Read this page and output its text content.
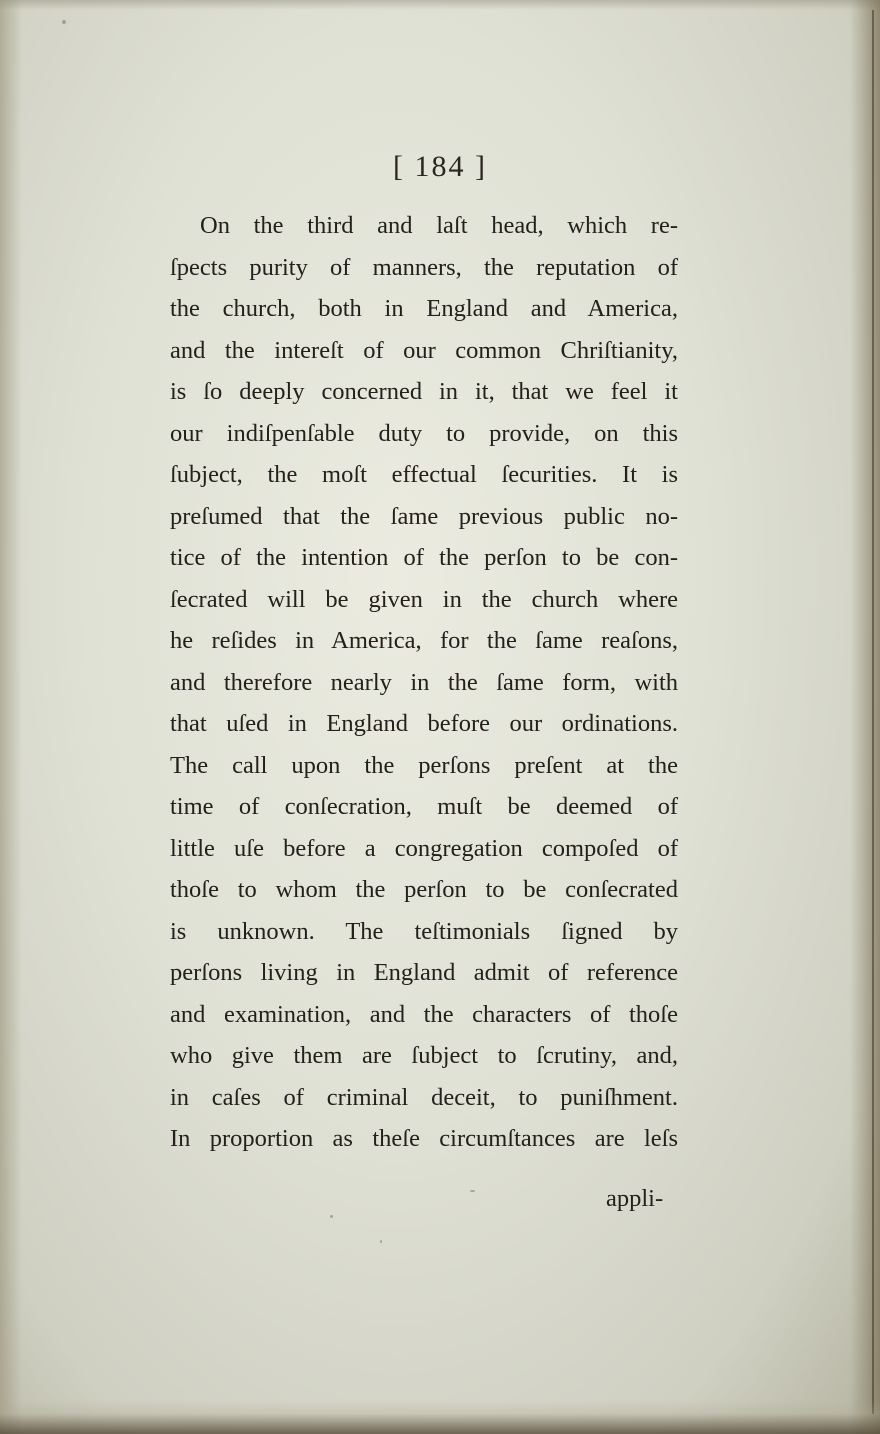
[ 184 ]
On the third and laſt head, which re-
ſpects purity of manners, the reputation of
the church, both in England and America,
and the intereſt of our common Chriſtianity,
is ſo deeply concerned in it, that we feel it
our indiſpenſable duty to provide, on this
ſubject, the moſt effectual ſecurities. It is
preſumed that the ſame previous public no-
tice of the intention of the perſon to be con-
ſecrated will be given in the church where
he reſides in America, for the ſame reaſons,
and therefore nearly in the ſame form, with
that uſed in England before our ordinations.
The call upon the perſons preſent at the
time of conſecration, muſt be deemed of
little uſe before a congregation compoſed of
thoſe to whom the perſon to be conſecrated
is unknown. The teſtimonials ſigned by
perſons living in England admit of reference
and examination, and the characters of thoſe
who give them are ſubject to ſcrutiny, and,
in caſes of criminal deceit, to puniſhment.
In proportion as theſe circumſtances are leſs
appli-
